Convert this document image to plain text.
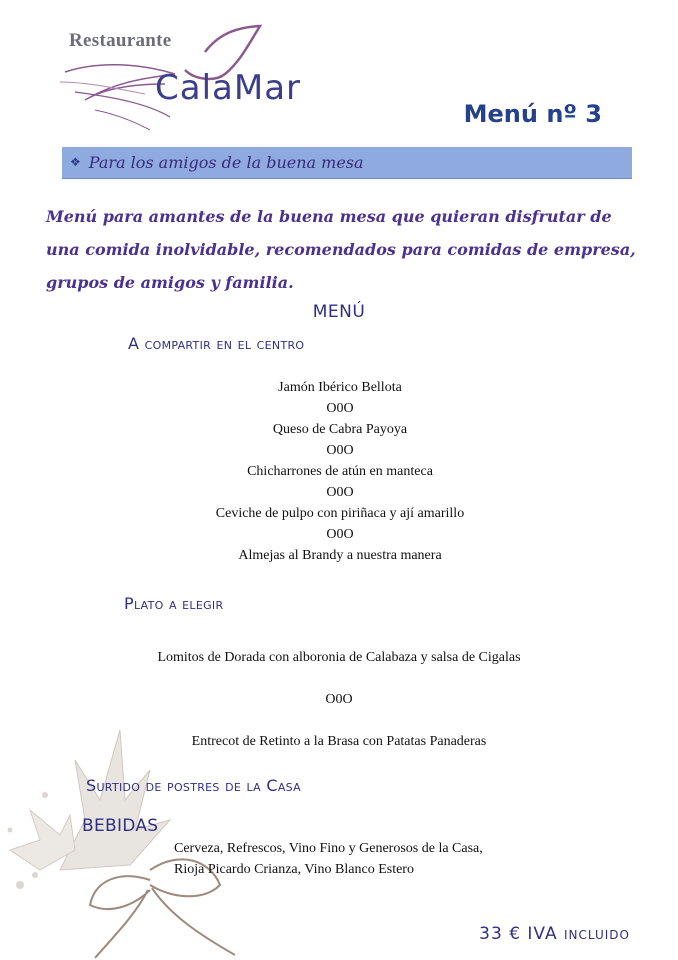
Restaurante
CalaMar
Menú nº 3
❖ Para los amigos de la buena mesa
Menú para amantes de la buena mesa que quieran disfrutar de una comida inolvidable, recomendados para comidas de empresa, grupos de amigos y familia.
MENÚ
A compartir en el centro
Jamón Ibérico Bellota
O0O
Queso de Cabra Payoya
O0O
Chicharrones de atún en manteca
O0O
Ceviche de pulpo con piriñaca y ají amarillo
O0O
Almejas al Brandy a nuestra manera
Plato a elegir
Lomitos de Dorada con alboronia de Calabaza y salsa de Cigalas
O0O
Entrecot de Retinto a la Brasa con Patatas Panaderas
Surtido de postres de la Casa
BEBIDAS
Cerveza, Refrescos, Vino Fino y Generosos de la Casa, Rioja Picardo Crianza, Vino Blanco Estero
33 € IVA incluido
